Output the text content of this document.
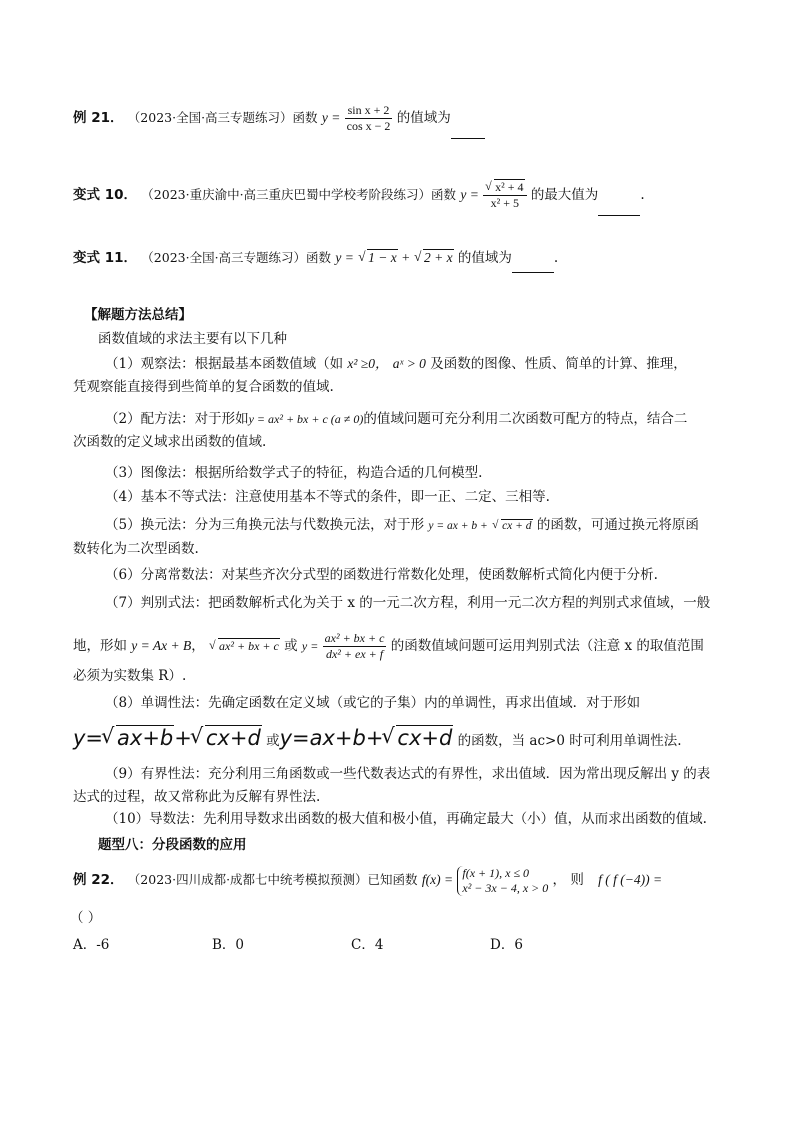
例 21． （2023·全国·高三专题练习）函数 $y = \frac{\text{sin x + 2}}{\text{cos x − 2}}$ 的值域为
变式 10． （2023·重庆渝中·高三重庆巴蜀中学校考阶段练习）函数 y = √ $\frac{\text{x² + 4}}{\text{x² + 5}}$ 的最大值为	.
变式 11． （2023·全国·高三专题练习）函数 y = √ 1 − x + √ 2 + x 的值域为	.
【解题方法总结】
函数值域的求法主要有以下几种
（1）观察法：根据最基本函数值域（如 x² ≥0， aˣ > 0 及函数的图像、性质、简单的计算、推理，
凭观察能直接得到些简单的复合函数的值域.
（2）配方法：对于形如y = ax² + bx + c (a ≠ 0)的值域问题可充分利用二次函数可配方的特点，结合二
次函数的定义域求出函数的值域.
（3）图像法：根据所给数学式子的特征，构造合适的几何模型.
（4）基本不等式法：注意使用基本不等式的条件，即一正、二定、三相等.
（5）换元法：分为三角换元法与代数换元法，对于形 y = ax + b + √ cx + d 的函数，可通过换元将原函
数转化为二次型函数.
（6）分离常数法：对某些齐次分式型的函数进行常数化处理，使函数解析式简化内便于分析.
（7）判别式法：把函数解析式化为关于 x 的一元二次方程，利用一元二次方程的判别式求值域，一般
地，形如 y = Ax + B， √ ax² + bx + c 或 $y = \frac{\text{ax² + bx + c}}{\text{dx² + ex + f}}$ 的函数值域问题可运用判别式法（注意 x 的取值范围
必须为实数集 R）.
（8）单调性法：先确定函数在定义域（或它的子集）内的单调性，再求出值域．对于形如
y= √ ax+b+ √ cx+d 或y=ax+b+ √ cx+d 的函数，当 ac>0 时可利用单调性法.
（9）有界性法：充分利用三角函数或一些代数表达式的有界性，求出值域．因为常出现反解出 y 的表
达式的过程，故又常称此为反解有界性法.
（10）导数法：先利用导数求出函数的极大值和极小值，再确定最大（小）值，从而求出函数的值域.
题型八：分段函数的应用
例 22． （2023·四川成都·成都七中统考模拟预测）已知函数 f(x) = f(x + 1), x ≤ 0
x² − 3x − 4, x > 0 ， 则 f ( f (−4)) =
（ ）
A．-6	B．0	C．4	D．6
